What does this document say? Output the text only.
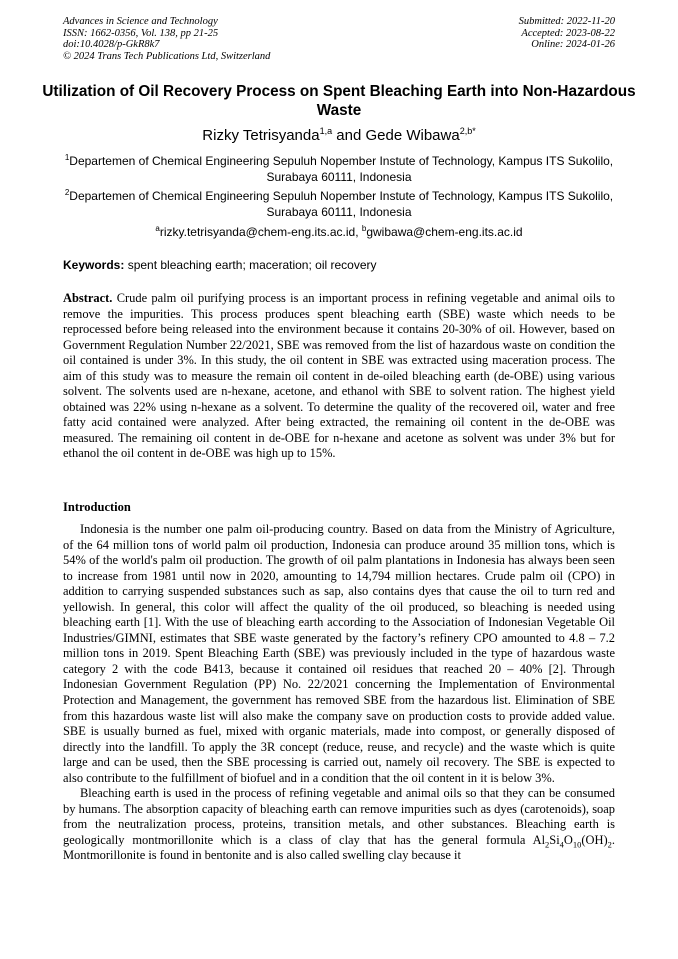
Advances in Science and Technology
ISSN: 1662-0356, Vol. 138, pp 21-25
doi:10.4028/p-GkR8k7
© 2024 Trans Tech Publications Ltd, Switzerland
Submitted: 2022-11-20
Accepted: 2023-08-22
Online: 2024-01-26
Utilization of Oil Recovery Process on Spent Bleaching Earth into Non-Hazardous Waste
Rizky Tetrisyanda$^{1,a}$ and Gede Wibawa$^{2,b*}$
$^1$Departemen of Chemical Engineering Sepuluh Nopember Instute of Technology, Kampus ITS Sukolilo, Surabaya 60111, Indonesia
$^2$Departemen of Chemical Engineering Sepuluh Nopember Instute of Technology, Kampus ITS Sukolilo, Surabaya 60111, Indonesia
$^a$rizky.tetrisyanda@chem-eng.its.ac.id, $^b$gwibawa@chem-eng.its.ac.id
Keywords: spent bleaching earth; maceration; oil recovery
Abstract. Crude palm oil purifying process is an important process in refining vegetable and animal oils to remove the impurities. This process produces spent bleaching earth (SBE) waste which needs to be reprocessed before being released into the environment because it contains 20-30% of oil. However, based on Government Regulation Number 22/2021, SBE was removed from the list of hazardous waste on condition the oil contained is under 3%. In this study, the oil content in SBE was extracted using maceration process. The aim of this study was to measure the remain oil content in de-oiled bleaching earth (de-OBE) using various solvent. The solvents used are n-hexane, acetone, and ethanol with SBE to solvent ration. The highest yield obtained was 22% using n-hexane as a solvent. To determine the quality of the recovered oil, water and free fatty acid contained were analyzed. After being extracted, the remaining oil content in the de-OBE was measured. The remaining oil content in de-OBE for n-hexane and acetone as solvent was under 3% but for ethanol the oil content in de-OBE was high up to 15%.
Introduction

Indonesia is the number one palm oil-producing country. Based on data from the Ministry of Agriculture, of the 64 million tons of world palm oil production, Indonesia can produce around 35 million tons, which is 54% of the world's palm oil production. The growth of oil palm plantations in Indonesia has always been seen to increase from 1981 until now in 2020, amounting to 14,794 million hectares. Crude palm oil (CPO) in addition to carrying suspended substances such as sap, also contains dyes that cause the oil to turn red and yellowish. In general, this color will affect the quality of the oil produced, so bleaching is needed using bleaching earth [1]. With the use of bleaching earth according to the Association of Indonesian Vegetable Oil Industries/GIMNI, estimates that SBE waste generated by the factory’s refinery CPO amounted to 4.8 – 7.2 million tons in 2019. Spent Bleaching Earth (SBE) was previously included in the type of hazardous waste category 2 with the code B413, because it contained oil residues that reached 20 – 40% [2]. Through Indonesian Government Regulation (PP) No. 22/2021 concerning the Implementation of Environmental Protection and Management, the government has removed SBE from the hazardous list. Elimination of SBE from this hazardous waste list will also make the company save on production costs to provide added value. SBE is usually burned as fuel, mixed with organic materials, made into compost, or generally disposed of directly into the landfill. To apply the 3R concept (reduce, reuse, and recycle) and the waste which is quite large and can be used, then the SBE processing is carried out, namely oil recovery. The SBE is expected to also contribute to the fulfillment of biofuel and in a condition that the oil content in it is below 3%.

Bleaching earth is used in the process of refining vegetable and animal oils so that they can be consumed by humans. The absorption capacity of bleaching earth can remove impurities such as dyes (carotenoids), soap from the neutralization process, proteins, transition metals, and other substances. Bleaching earth is geologically montmorillonite which is a class of clay that has the general formula $Al_2Si_4O_{10}(OH)_2$. Montmorillonite is found in bentonite and is also called swelling clay because it
